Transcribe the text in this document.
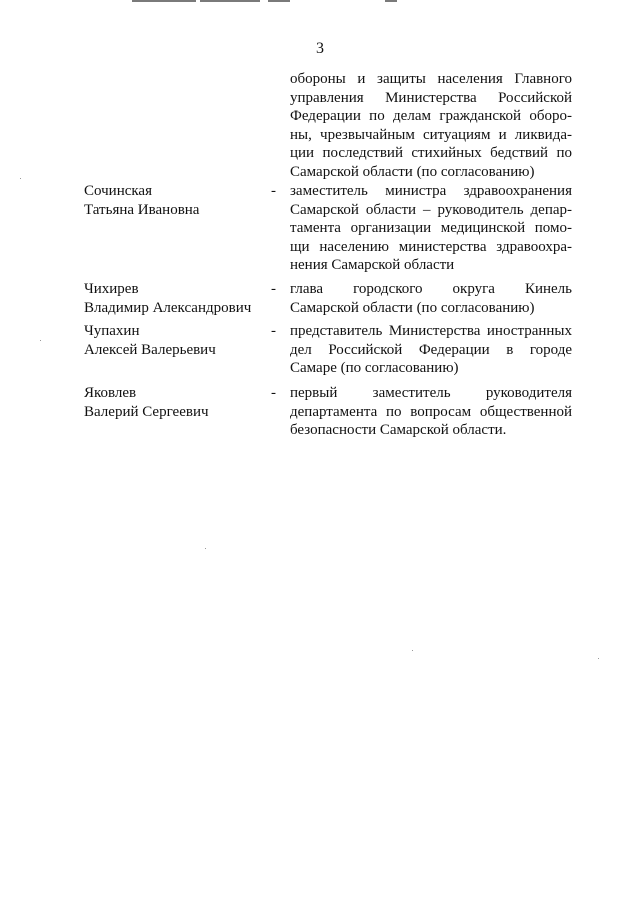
3
обороны и защиты населения Главного
управления Министерства Российской
Федерации по делам гражданской оборо-
ны, чрезвычайным ситуациям и ликвида-
ции последствий стихийных бедствий по
Самарской области (по согласованию)
Сочинская
Татьяна Ивановна
- заместитель министра здравоохранения
Самарской области – руководитель депар-
тамента организации медицинской помо-
щи населению министерства здравоохра-
нения Самарской области
Чихирев
Владимир Александрович
- глава городского округа Кинель
Самарской области (по согласованию)
Чупахин
Алексей Валерьевич
- представитель Министерства иностранных
дел Российской Федерации в городе
Самаре (по согласованию)
Яковлев
Валерий Сергеевич
- первый заместитель руководителя
департамента по вопросам общественной
безопасности Самарской области.
